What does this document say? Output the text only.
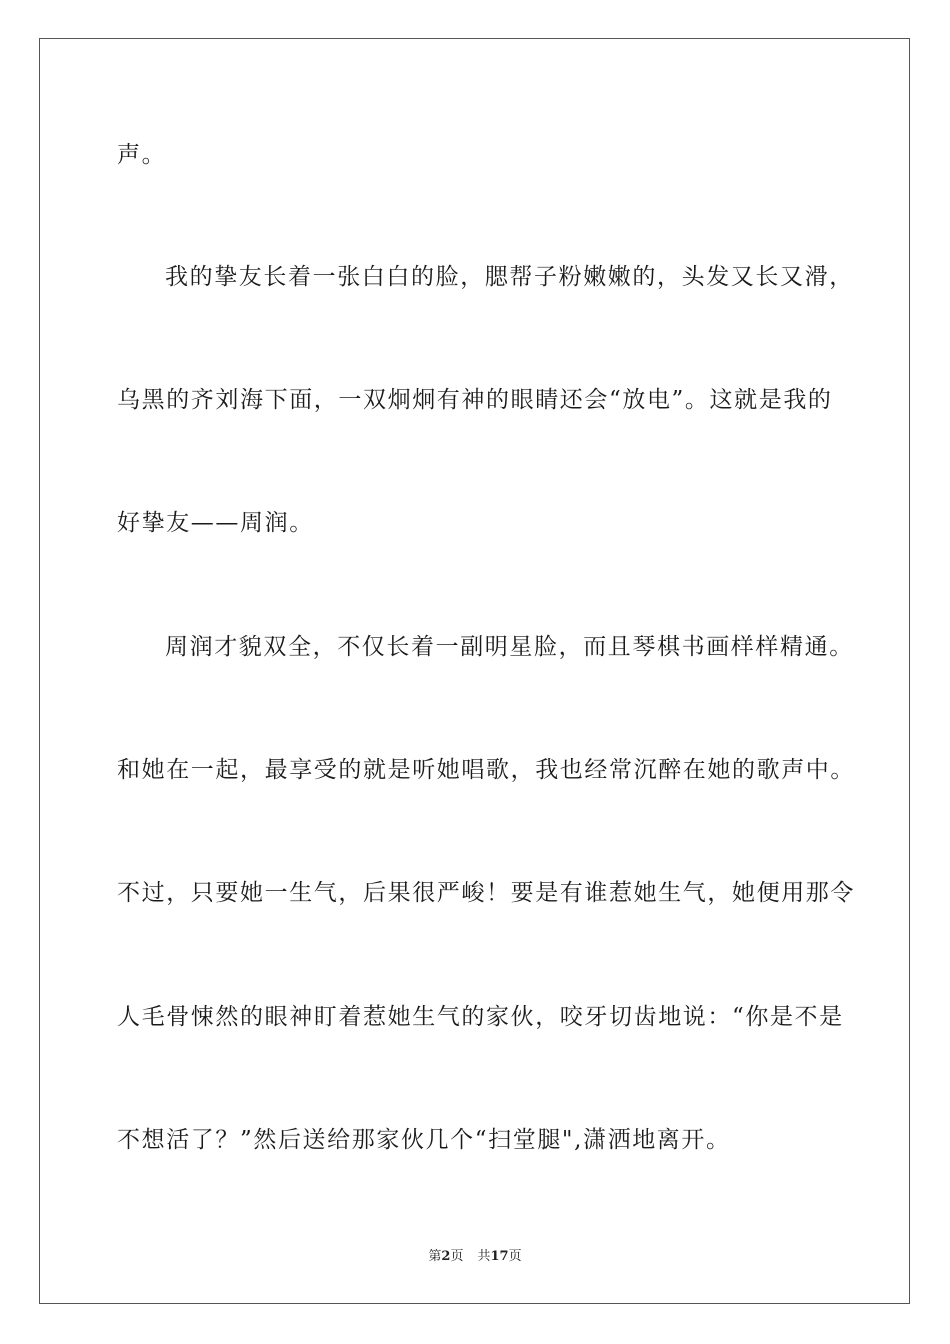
声。
我的挚友长着一张白白的脸，腮帮子粉嫩嫩的，头发又长又滑，
乌黑的齐刘海下面，一双炯炯有神的眼睛还会“放电”。这就是我的
好挚友——周润。
周润才貌双全，不仅长着一副明星脸，而且琴棋书画样样精通。
和她在一起，最享受的就是听她唱歌，我也经常沉醉在她的歌声中。
不过，只要她一生气，后果很严峻！要是有谁惹她生气，她便用那令
人毛骨悚然的眼神盯着惹她生气的家伙，咬牙切齿地说：“你是不是
不想活了？”然后送给那家伙几个“扫堂腿",潇洒地离开。
第2页 共17页
